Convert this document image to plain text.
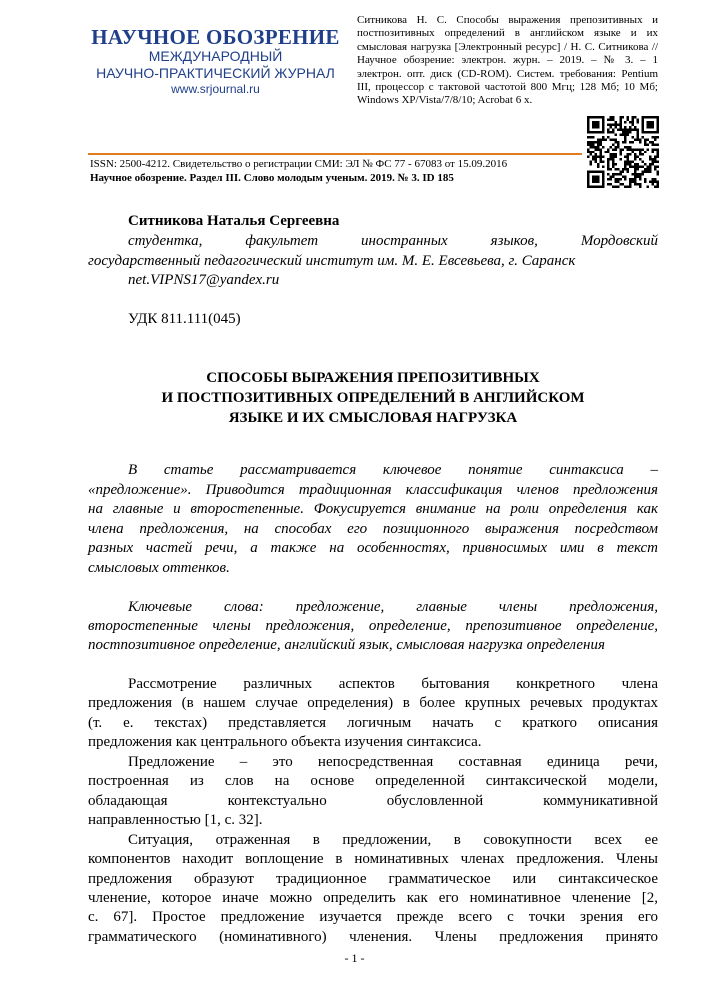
НАУЧНОЕ ОБОЗРЕНИЕ
МЕЖДУНАРОДНЫЙ
НАУЧНО-ПРАКТИЧЕСКИЙ ЖУРНАЛ
www.srjournal.ru
Ситникова Н. С. Способы выражения препозитивных и постпозитивных определений в английском языке и их смысловая нагрузка [Электронный ресурс] / Н. С. Ситникова // Научное обозрение: электрон. журн. – 2019. – № 3. – 1 электрон. опт. диск (CD-ROM). Систем. требования: Pentium III, процессор с тактовой частотой 800 Мгц; 128 Мб; 10 Мб; Windows XP/Vista/7/8/10; Acrobat 6 х.
ISSN: 2500-4212. Свидетельство о регистрации СМИ: ЭЛ № ФС 77 - 67083 от 15.09.2016
Научное обозрение. Раздел III. Слово молодым ученым. 2019. № 3. ID 185
Ситникова Наталья Сергеевна
студентка, факультет иностранных языков, Мордовский
государственный педагогический институт им. М. Е. Евсевьева, г. Саранск
net.VIPNS17@yandex.ru
УДК 811.111(045)
СПОСОБЫ ВЫРАЖЕНИЯ ПРЕПОЗИТИВНЫХ
И ПОСТПОЗИТИВНЫХ ОПРЕДЕЛЕНИЙ В АНГЛИЙСКОМ
ЯЗЫКЕ И ИХ СМЫСЛОВАЯ НАГРУЗКА
В статье рассматривается ключевое понятие синтаксиса –
«предложение». Приводится традиционная классификация членов предложения
на главные и второстепенные. Фокусируется внимание на роли определения как
члена предложения, на способах его позиционного выражения посредством
разных частей речи, а также на особенностях, привносимых ими в текст
смысловых оттенков.
Ключевые слова: предложение, главные члены предложения,
второстепенные члены предложения, определение, препозитивное определение,
постпозитивное определение, английский язык, смысловая нагрузка определения
Рассмотрение различных аспектов бытования конкретного члена
предложения (в нашем случае определения) в более крупных речевых продуктах
(т. е. текстах) представляется логичным начать с краткого описания
предложения как центрального объекта изучения синтаксиса.
Предложение – это непосредственная составная единица речи,
построенная из слов на основе определенной синтаксической модели,
обладающая контекстуально обусловленной коммуникативной
направленностью [1, с. 32].
Ситуация, отраженная в предложении, в совокупности всех ее
компонентов находит воплощение в номинативных членах предложения. Члены
предложения образуют традиционное грамматическое или синтаксическое
членение, которое иначе можно определить как его номинативное членение [2,
с. 67]. Простое предложение изучается прежде всего с точки зрения его
грамматического (номинативного) членения. Члены предложения принято
- 1 -
